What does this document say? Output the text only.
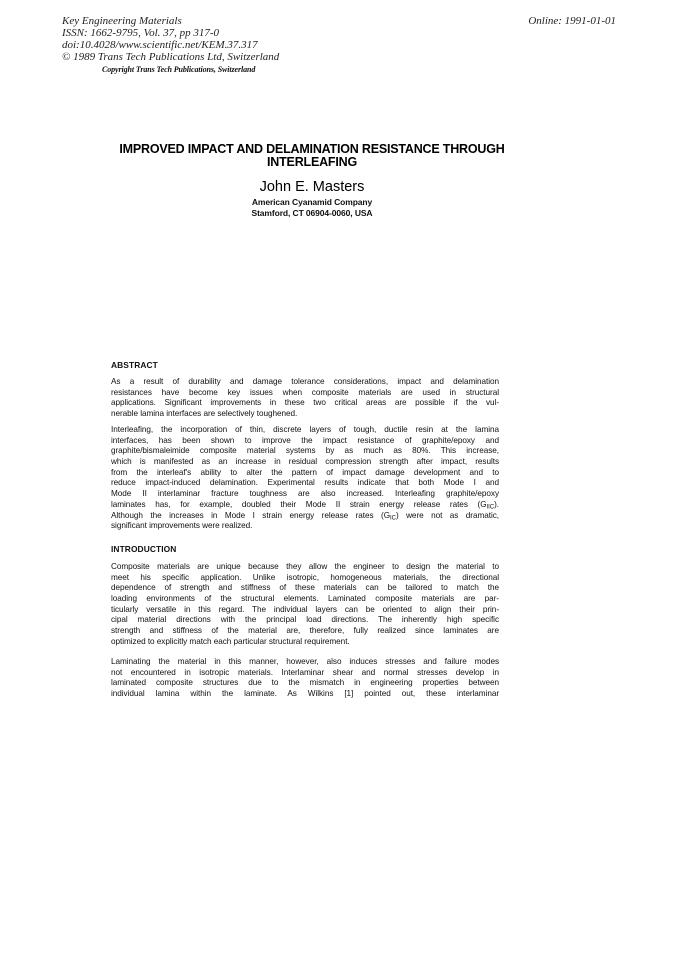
Key Engineering Materials
ISSN: 1662-9795, Vol. 37, pp 317-0
doi:10.4028/www.scientific.net/KEM.37.317
© 1989 Trans Tech Publications Ltd, Switzerland
Online: 1991-01-01
Copyright Trans Tech Publications, Switzerland
IMPROVED IMPACT AND DELAMINATION RESISTANCE THROUGH
INTERLEAFING
John E. Masters
American Cyanamid Company
Stamford, CT 06904-0060, USA
ABSTRACT
As a result of durability and damage tolerance considerations, impact and delamination
resistances have become key issues when composite materials are used in structural
applications. Significant improvements in these two critical areas are possible if the vul-
nerable lamina interfaces are selectively toughened.
Interleafing, the incorporation of thin, discrete layers of tough, ductile resin at the lamina
interfaces, has been shown to improve the impact resistance of graphite/epoxy and
graphite/bismaleimide composite material systems by as much as 80%. This increase,
which is manifested as an increase in residual compression strength after impact, results
from the interleaf's ability to alter the pattern of impact damage development and to
reduce impact-induced delamination. Experimental results indicate that both Mode I and
Mode II interlaminar fracture toughness are also increased. Interleafing graphite/epoxy
laminates has, for example, doubled their Mode II strain energy release rates $(G_{IIC})$.
Although the increases in Mode I strain energy release rates $(G_{IC})$ were not as dramatic,
significant improvements were realized.
INTRODUCTION
Composite materials are unique because they allow the engineer to design the material to
meet his specific application. Unlike isotropic, homogeneous materials, the directional
dependence of strength and stiffness of these materials can be tailored to match the
loading environments of the structural elements. Laminated composite materials are par-
ticularly versatile in this regard. The individual layers can be oriented to align their prin-
cipal material directions with the principal load directions. The inherently high specific
strength and stiffness of the material are, therefore, fully realized since laminates are
optimized to explicitly match each particular structural requirement.
Laminating the material in this manner, however, also induces stresses and failure modes
not encountered in isotropic materials. Interlaminar shear and normal stresses develop in
laminated composite structures due to the mismatch in engineering properties between
individual lamina within the laminate. As Wilkins [1] pointed out, these interlaminar
